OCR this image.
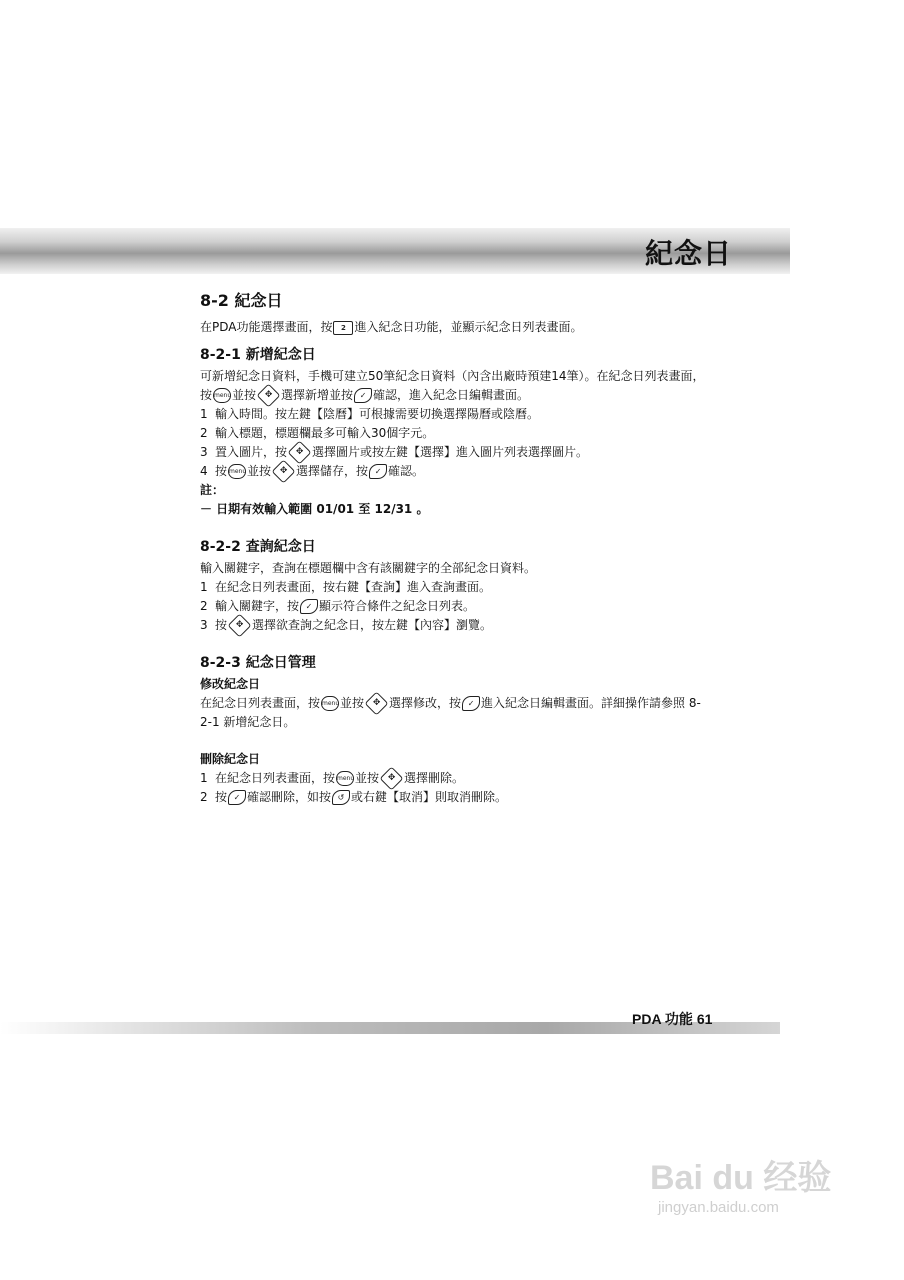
紀念日
8-2 紀念日

在PDA功能選擇畫面，按 2 進入紀念日功能，並顯示紀念日列表畫面。

8-2-1 新增紀念日

可新增紀念日資料，手機可建立50筆紀念日資料（內含出廠時預建14筆）。在紀念日列表畫面，

按 menu並按 ✥ 選擇新增並按 ✓ 確認，進入紀念日編輯畫面。

1 輸入時間。按左鍵【陰曆】可根據需要切換選擇陽曆或陰曆。
2 輸入標題，標題欄最多可輸入30個字元。
3 置入圖片，按 ✥ 選擇圖片或按左鍵【選擇】進入圖片列表選擇圖片。
4 按 menu並按 ✥ 選擇儲存，按 ✓ 確認。

註：

－ 日期有效輸入範圍 01/01 至 12/31 。

8-2-2 查詢紀念日

輸入關鍵字，查詢在標題欄中含有該關鍵字的全部紀念日資料。

1 在紀念日列表畫面，按右鍵【查詢】進入查詢畫面。
2 輸入關鍵字，按 ✓ 顯示符合條件之紀念日列表。
3 按 ✥ 選擇欲查詢之紀念日，按左鍵【內容】瀏覽。
8-2-3 紀念日管理

修改紀念日

在紀念日列表畫面，按 menu並按 ✥ 選擇修改，按 ✓ 進入紀念日編輯畫面。詳細操作請參照 8-

2-1 新增紀念日。

刪除紀念日

1 在紀念日列表畫面，按 menu並按 ✥ 選擇刪除。
2 按 ✓ 確認刪除，如按 ↺ 或右鍵【取消】則取消刪除。
PDA 功能 61
Bai du 经验
jingyan.baidu.com
